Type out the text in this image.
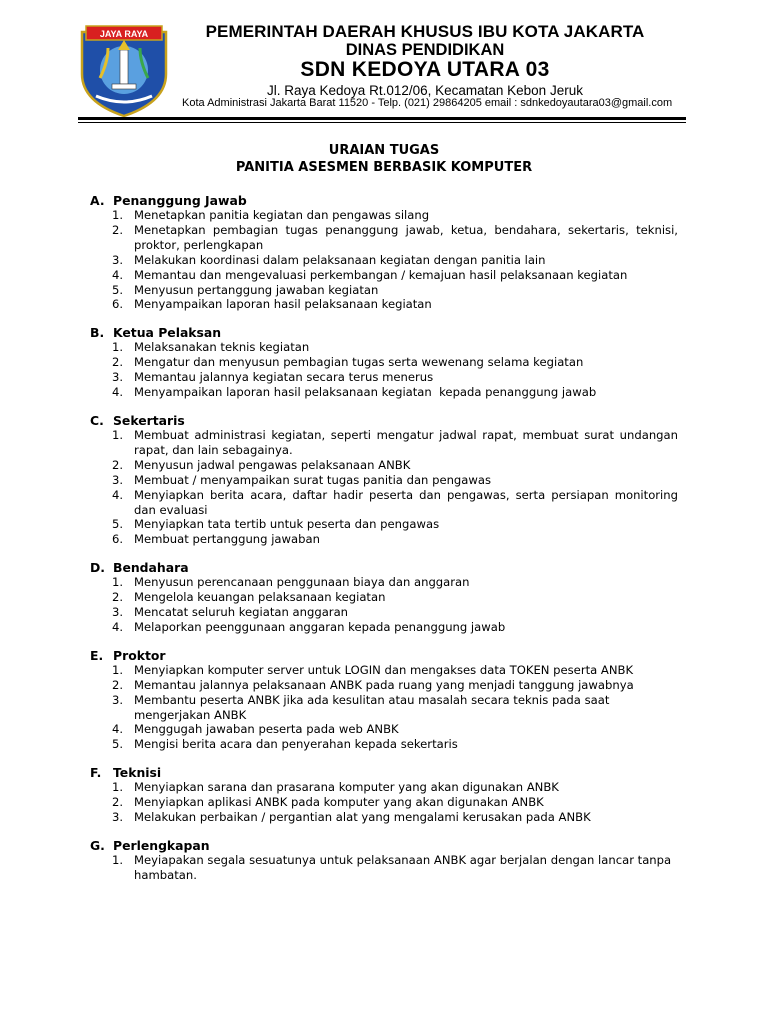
JAYA RAYA	PEMERINTAH DAERAH KHUSUS IBU KOTA JAKARTA
DINAS PENDIDIKAN
SDN KEDOYA UTARA 03
Jl. Raya Kedoya Rt.012/06, Kecamatan Kebon Jeruk
Kota Administrasi Jakarta Barat 11520 - Telp. (021) 29864205 email : sdnkedoyautara03@gmail.com
URAIAN TUGAS
PANITIA ASESMEN BERBASIK KOMPUTER
A. Penanggung Jawab
1. Menetapkan panitia kegiatan dan pengawas silang
2. Menetapkan pembagian tugas penanggung jawab, ketua, bendahara, sekertaris, teknisi, proktor, perlengkapan
3. Melakukan koordinasi dalam pelaksanaan kegiatan dengan panitia lain
4. Memantau dan mengevaluasi perkembangan / kemajuan hasil pelaksanaan kegiatan
5. Menyusun pertanggung jawaban kegiatan
6. Menyampaikan laporan hasil pelaksanaan kegiatan
B. Ketua Pelaksan
1. Melaksanakan teknis kegiatan
2. Mengatur dan menyusun pembagian tugas serta wewenang selama kegiatan
3. Memantau jalannya kegiatan secara terus menerus
4. Menyampaikan laporan hasil pelaksanaan kegiatan  kepada penanggung jawab
C. Sekertaris
1. Membuat administrasi kegiatan, seperti mengatur jadwal rapat, membuat surat undangan rapat, dan lain sebagainya.
2. Menyusun jadwal pengawas pelaksanaan ANBK
3. Membuat / menyampaikan surat tugas panitia dan pengawas
4. Menyiapkan berita acara, daftar hadir peserta dan pengawas, serta persiapan monitoring dan evaluasi
5. Menyiapkan tata tertib untuk peserta dan pengawas
6. Membuat pertanggung jawaban
D. Bendahara
1. Menyusun perencanaan penggunaan biaya dan anggaran
2. Mengelola keuangan pelaksanaan kegiatan
3. Mencatat seluruh kegiatan anggaran
4. Melaporkan peenggunaan anggaran kepada penanggung jawab
E. Proktor
1. Menyiapkan komputer server untuk LOGIN dan mengakses data TOKEN peserta ANBK
2. Memantau jalannya pelaksanaan ANBK pada ruang yang menjadi tanggung jawabnya
3. Membantu peserta ANBK jika ada kesulitan atau masalah secara teknis pada saat mengerjakan ANBK
4. Menggugah jawaban peserta pada web ANBK
5. Mengisi berita acara dan penyerahan kepada sekertaris
F. Teknisi
1. Menyiapkan sarana dan prasarana komputer yang akan digunakan ANBK
2. Menyiapkan aplikasi ANBK pada komputer yang akan digunakan ANBK
3. Melakukan perbaikan / pergantian alat yang mengalami kerusakan pada ANBK
G. Perlengkapan
1. Meyiapakan segala sesuatunya untuk pelaksanaan ANBK agar berjalan dengan lancar tanpa hambatan.
